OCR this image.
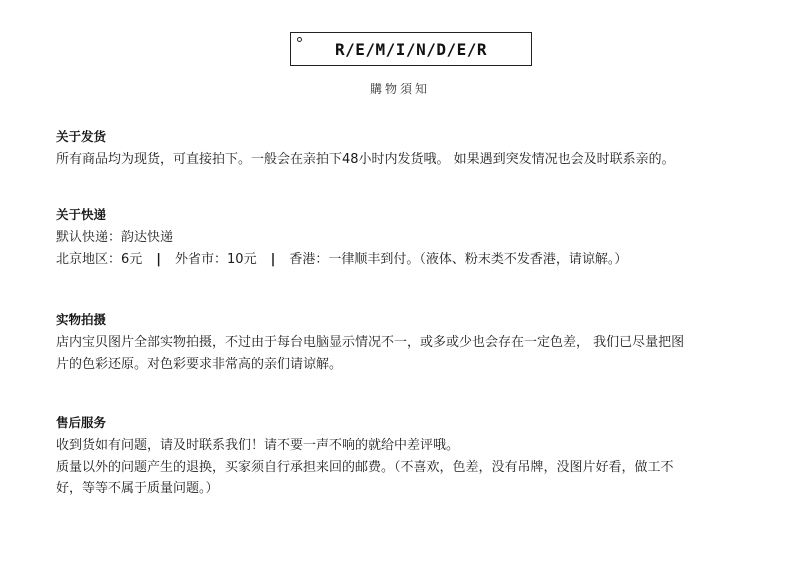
R/E/M/I/N/D/E/R
購物須知
关于发货
所有商品均为现货，可直接拍下。一般会在亲拍下48小时内发货哦。 如果遇到突发情况也会及时联系亲的。
关于快递
默认快递：韵达快递
北京地区：6元 | 外省市：10元 | 香港：一律顺丰到付。（液体、粉末类不发香港，请谅解。）
实物拍摄
店内宝贝图片全部实物拍摄，不过由于每台电脑显示情况不一，或多或少也会存在一定色差， 我们已尽量把图
片的色彩还原。对色彩要求非常高的亲们请谅解。
售后服务
收到货如有问题，请及时联系我们！请不要一声不响的就给中差评哦。
质量以外的问题产生的退换，买家须自行承担来回的邮费。（不喜欢，色差，没有吊牌，没图片好看，做工不
好，等等不属于质量问题。）
